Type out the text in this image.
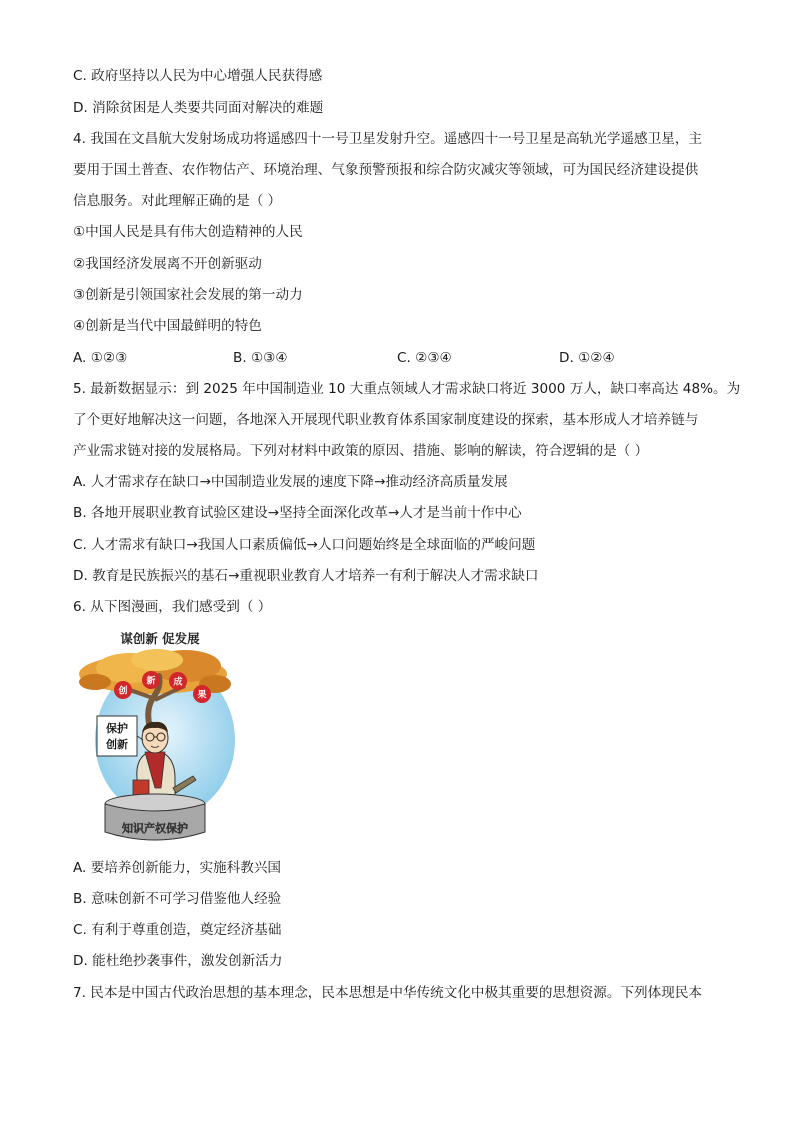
C. 政府坚持以人民为中心增强人民获得感
D. 消除贫困是人类要共同面对解决的难题
4. 我国在文昌航大发射场成功将遥感四十一号卫星发射升空。遥感四十一号卫星是高轨光学遥感卫星，主
要用于国土普查、农作物估产、环境治理、气象预警预报和综合防灾减灾等领域，可为国民经济建设提供
信息服务。对此理解正确的是（ ）
①中国人民是具有伟大创造精神的人民
②我国经济发展离不开创新驱动
③创新是引领国家社会发展的第一动力
④创新是当代中国最鲜明的特色
A. ①②③	B. ①③④	C. ②③④	D. ①②④
5. 最新数据显示：到 2025 年中国制造业 10 大重点领域人才需求缺口将近 3000 万人，缺口率高达 48%。为
了个更好地解决这一问题，各地深入开展现代职业教育体系国家制度建设的探索，基本形成人才培养链与
产业需求链对接的发展格局。下列对材料中政策的原因、措施、影响的解读，符合逻辑的是（ ）
A. 人才需求存在缺口→中国制造业发展的速度下降→推动经济高质量发展
B. 各地开展职业教育试验区建设→坚持全面深化改革→人才是当前十作中心
C. 人才需求有缺口→我国人口素质偏低→人口问题始终是全球面临的严峻问题
D. 教育是民族振兴的基石→重视职业教育人才培养一有利于解决人才需求缺口
6. 从下图漫画，我们感受到（ ）
谋创新 促发展
创
新 成
果
保护
创新
知识产权保护
A. 要培养创新能力，实施科教兴国
B. 意味创新不可学习借鉴他人经验
C. 有利于尊重创造，奠定经济基础
D. 能杜绝抄袭事件，激发创新活力
7. 民本是中国古代政治思想的基本理念，民本思想是中华传统文化中极其重要的思想资源。下列体现民本
